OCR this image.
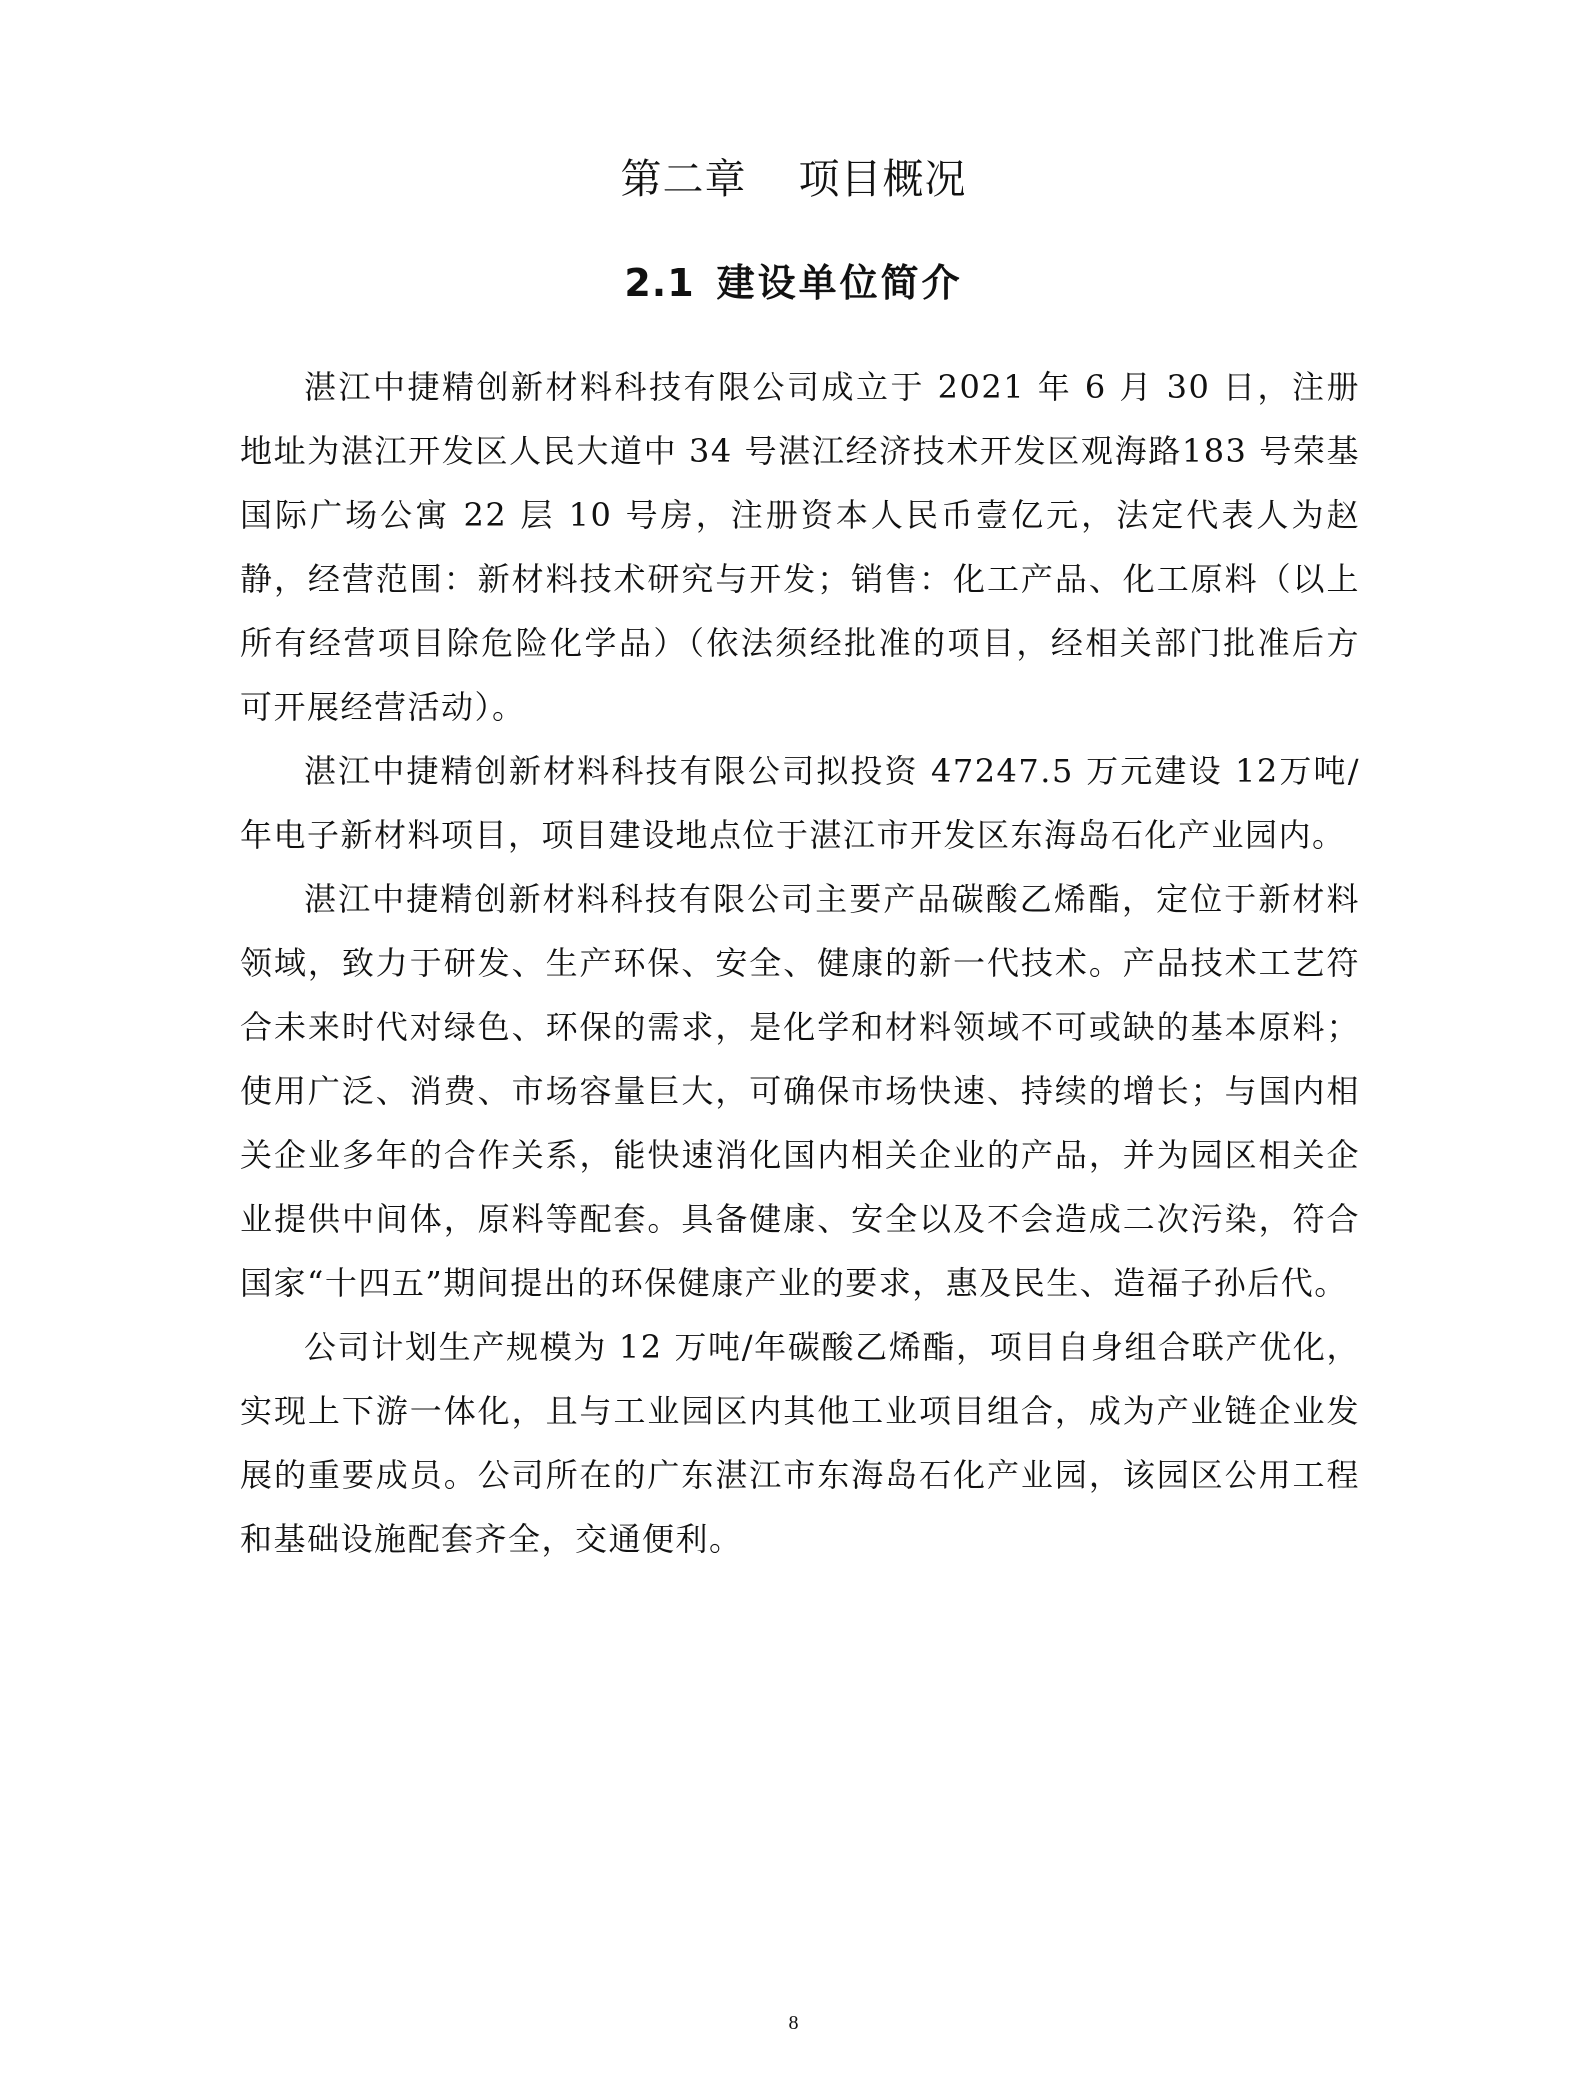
第二章 项目概况
2.1 建设单位简介

湛江中捷精创新材料科技有限公司成立于 2021 年 6 月 30 日，注册地址为湛江开发区人民大道中 34 号湛江经济技术开发区观海路183 号荣基国际广场公寓 22 层 10 号房，注册资本人民币壹亿元，法定代表人为赵静，经营范围：新材料技术研究与开发；销售：化工产品、化工原料（以上所有经营项目除危险化学品）（依法须经批准的项目，经相关部门批准后方可开展经营活动）。

湛江中捷精创新材料科技有限公司拟投资 47247.5 万元建设 12万吨/年电子新材料项目，项目建设地点位于湛江市开发区东海岛石化产业园内。

湛江中捷精创新材料科技有限公司主要产品碳酸乙烯酯，定位于新材料领域，致力于研发、生产环保、安全、健康的新一代技术。产品技术工艺符合未来时代对绿色、环保的需求，是化学和材料领域不可或缺的基本原料；使用广泛、消费、市场容量巨大，可确保市场快速、持续的增长；与国内相关企业多年的合作关系，能快速消化国内相关企业的产品，并为园区相关企业提供中间体，原料等配套。具备健康、安全以及不会造成二次污染，符合国家“十四五”期间提出的环保健康产业的要求，惠及民生、造福子孙后代。

公司计划生产规模为 12 万吨/年碳酸乙烯酯，项目自身组合联产优化，实现上下游一体化，且与工业园区内其他工业项目组合，成为产业链企业发展的重要成员。公司所在的广东湛江市东海岛石化产业园，该园区公用工程和基础设施配套齐全，交通便利。

8
